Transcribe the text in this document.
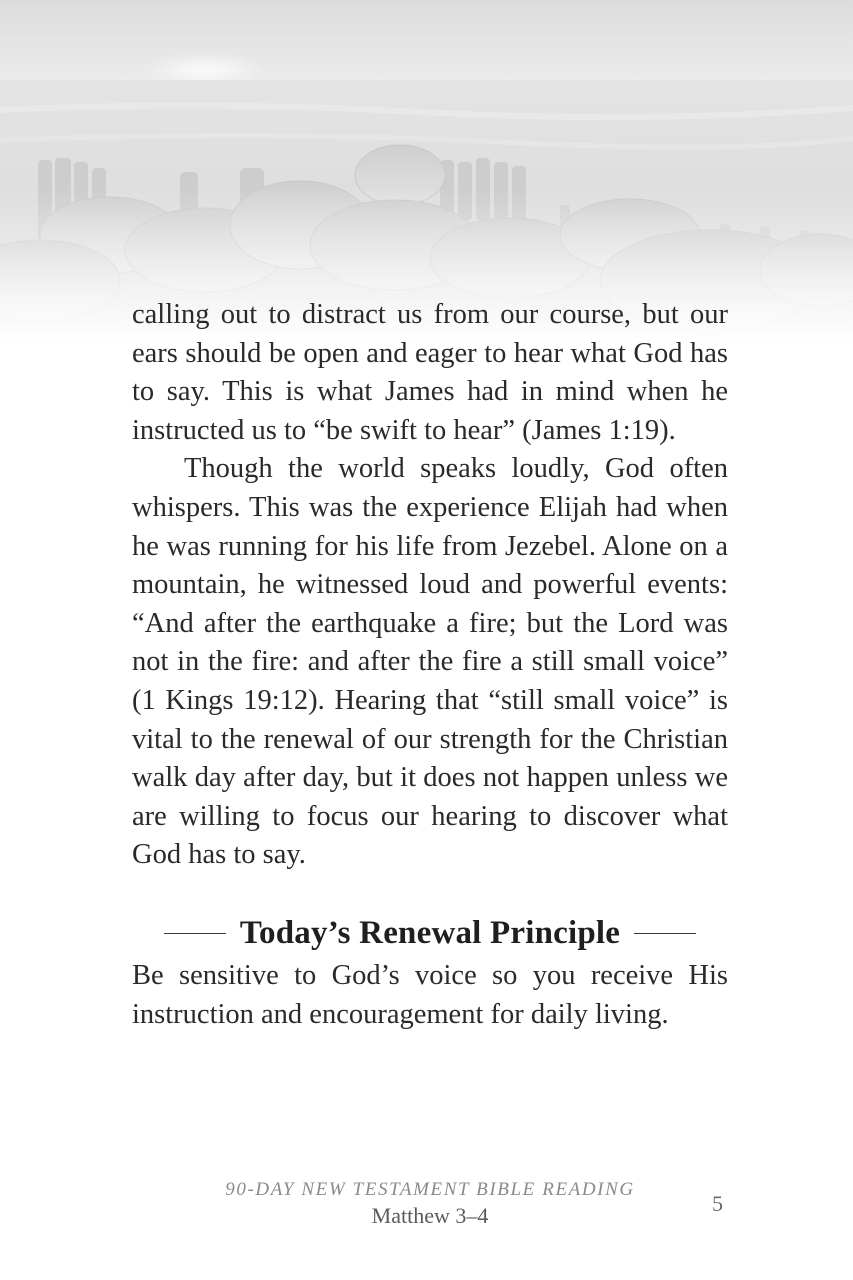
calling out to distract us from our course, but our ears should be open and eager to hear what God has to say. This is what James had in mind when he instructed us to “be swift to hear” (James 1:19).

Though the world speaks loudly, God often whispers. This was the experience Elijah had when he was running for his life from Jezebel. Alone on a mountain, he witnessed loud and powerful events: “And after the earthquake a fire; but the Lord was not in the fire: and after the fire a still small voice” (1 Kings 19:12). Hearing that “still small voice” is vital to the renewal of our strength for the Christian walk day after day, but it does not happen unless we are willing to focus our hearing to discover what God has to say.

Today’s Renewal Principle

Be sensitive to God’s voice so you receive His instruction and encouragement for daily living.

90-DAY NEW TESTAMENT BIBLE READING
Matthew 3–4	5
